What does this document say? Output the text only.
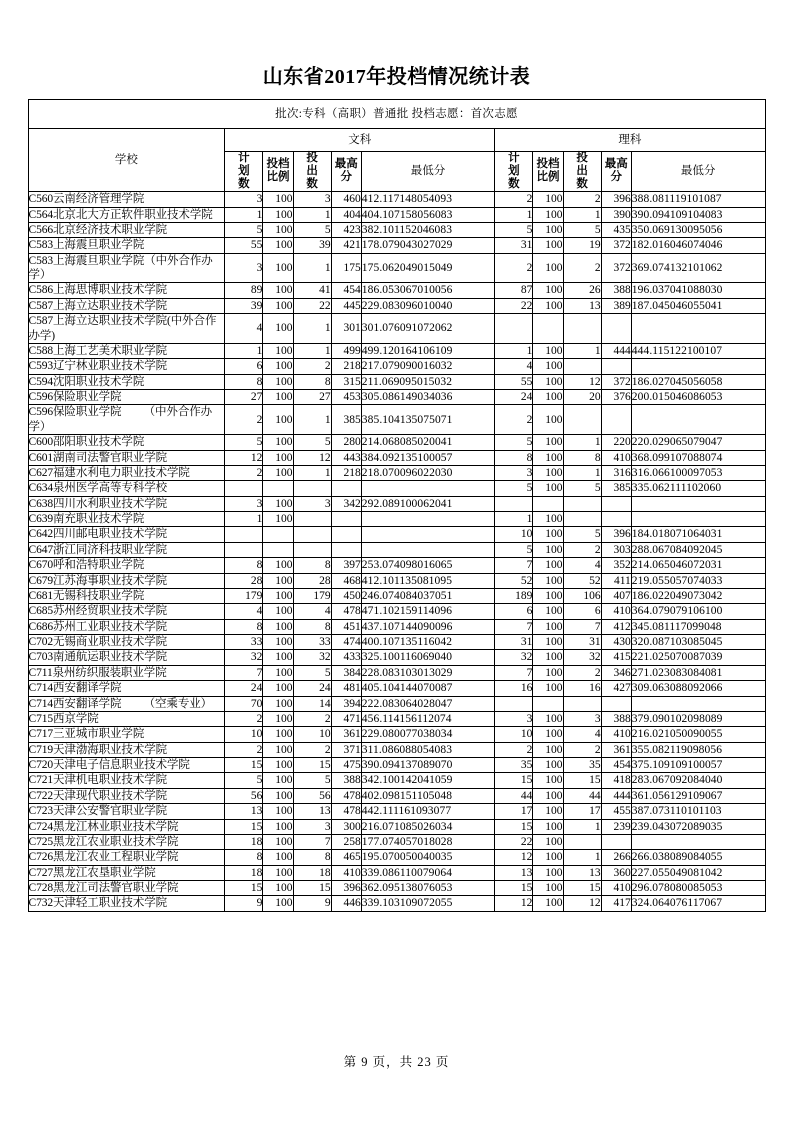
山东省2017年投档情况统计表
批次:专科（高职）普通批 投档志愿：首次志愿										
学校	文科					理科				
	计划数	投档比例	投出数	最高分	最低分	计划数	投档比例	投出数	最高分	最低分
C560云南经济管理学院	3	100	3	460	412.117148054093	2	100	2	396	388.081119101087
C564北京北大方正软件职业技术学院	1	100	1	404	404.107158056083	1	100	1	390	390.094109104083
C566北京经济技术职业学院	5	100	5	423	382.101152046083	5	100	5	435	350.069130095056
C583上海震旦职业学院	55	100	39	421	178.079043027029	31	100	19	372	182.016046074046
C583上海震旦职业学院（中外合作办学）	3	100	1	175	175.062049015049	2	100	2	372	369.074132101062
C586上海思博职业技术学院	89	100	41	454	186.053067010056	87	100	26	388	196.037041088030
C587上海立达职业技术学院	39	100	22	445	229.083096010040	22	100	13	389	187.045046055041
C587上海立达职业技术学院(中外合作办学)	4	100	1	301	301.076091072062					
C588上海工艺美术职业学院	1	100	1	499	499.120164106109	1	100	1	444	444.115122100107
C593辽宁林业职业技术学院	6	100	2	218	217.079090016032	4	100			
C594沈阳职业技术学院	8	100	8	315	211.069095015032	55	100	12	372	186.027045056058
C596保险职业学院	27	100	27	453	305.086149034036	24	100	20	376	200.015046086053
C596保险职业学院        （中外合作办学）	2	100	1	385	385.104135075071	2	100			
C600邵阳职业技术学院	5	100	5	280	214.068085020041	5	100	1	220	220.029065079047
C601湖南司法警官职业学院	12	100	12	443	384.092135100057	8	100	8	410	368.099107088074
C627福建水利电力职业技术学院	2	100	1	218	218.070096022030	3	100	1	316	316.066100097053
C634泉州医学高等专科学校						5	100	5	385	335.062111102060
C638四川水利职业技术学院	3	100	3	342	292.089100062041					
C639南充职业技术学院	1	100				1	100			
C642四川邮电职业技术学院						10	100	5	396	184.018071064031
C647浙江同济科技职业学院						5	100	2	303	288.067084092045
C670呼和浩特职业学院	8	100	8	397	253.074098016065	7	100	4	352	214.065046072031
C679江苏海事职业技术学院	28	100	28	468	412.101135081095	52	100	52	411	219.055057074033
C681无锡科技职业学院	179	100	179	450	246.074084037051	189	100	106	407	186.022049073042
C685苏州经贸职业技术学院	4	100	4	478	471.102159114096	6	100	6	410	364.079079106100
C686苏州工业职业技术学院	8	100	8	451	437.107144090096	7	100	7	412	345.081117099048
C702无锡商业职业技术学院	33	100	33	474	400.107135116042	31	100	31	430	320.087103085045
C703南通航运职业技术学院	32	100	32	433	325.100116069040	32	100	32	415	221.025070087039
C711泉州纺织服装职业学院	7	100	5	384	228.083103013029	7	100	2	346	271.023083084081
C714西安翻译学院	24	100	24	481	405.104144070087	16	100	16	427	309.063088092066
C714西安翻译学院        （空乘专业）	70	100	14	394	222.083064028047					
C715西京学院	2	100	2	471	456.114156112074	3	100	3	388	379.090102098089
C717三亚城市职业学院	10	100	10	361	229.080077038034	10	100	4	410	216.021050090055
C719天津渤海职业技术学院	2	100	2	371	311.086088054083	2	100	2	361	355.082119098056
C720天津电子信息职业技术学院	15	100	15	475	390.094137089070	35	100	35	454	375.109109100057
C721天津机电职业技术学院	5	100	5	388	342.100142041059	15	100	15	418	283.067092084040
C722天津现代职业技术学院	56	100	56	478	402.098151105048	44	100	44	444	361.056129109067
C723天津公安警官职业学院	13	100	13	478	442.111161093077	17	100	17	455	387.073110101103
C724黑龙江林业职业技术学院	15	100	3	300	216.071085026034	15	100	1	239	239.043072089035
C725黑龙江农业职业技术学院	18	100	7	258	177.074057018028	22	100			
C726黑龙江农业工程职业学院	8	100	8	465	195.070050040035	12	100	1	266	266.038089084055
C727黑龙江农垦职业学院	18	100	18	410	339.086110079064	13	100	13	360	227.055049081042
C728黑龙江司法警官职业学院	15	100	15	396	362.095138076053	15	100	15	410	296.078080085053
C732天津轻工职业技术学院	9	100	9	446	339.103109072055	12	100	12	417	324.064076117067
第 9 页，共 23 页
